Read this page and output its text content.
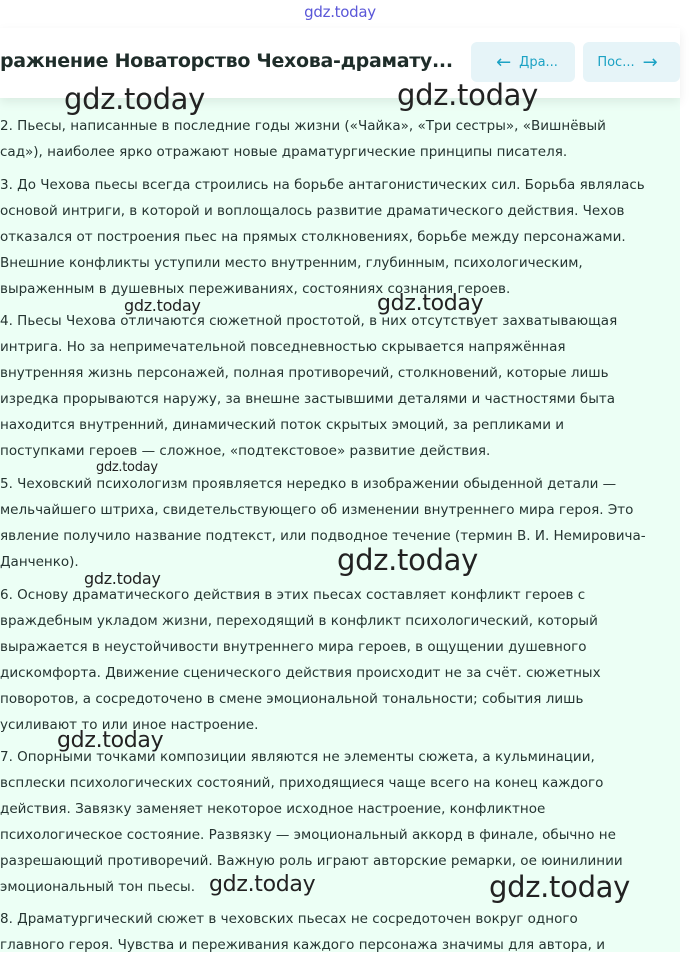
gdz.today
ражнение Новаторство Чехова-драмату... ← Дра...	Пос... →
2. Пьесы, написанные в последние годы жизни («Чайка», «Три сестры», «Вишнёвый
сад»), наиболее ярко отражают новые драматургические принципы писателя.
3. До Чехова пьесы всегда строились на борьбе антагонистических сил. Борьба являлась
основой интриги, в которой и воплощалось развитие драматического действия. Чехов
отказался от построения пьес на прямых столкновениях, борьбе между персонажами.
Внешние конфликты уступили место внутренним, глубинным, психологическим,
выраженным в душевных переживаниях, состояниях сознания героев.
4. Пьесы Чехова отличаются сюжетной простотой, в них отсутствует захватывающая
интрига. Но за непримечательной повседневностью скрывается напряжённая
внутренняя жизнь персонажей, полная противоречий, столкновений, которые лишь
изредка прорываются наружу, за внешне застывшими деталями и частностями быта
находится внутренний, динамический поток скрытых эмоций, за репликами и
поступками героев — сложное, «подтекстовое» развитие действия.
5. Чеховский психологизм проявляется нередко в изображении обыденной детали —
мельчайшего штриха, свидетельствующего об изменении внутреннего мира героя. Это
явление получило название подтекст, или подводное течение (термин В. И. Немировича-
Данченко).
6. Основу драматического действия в этих пьесах составляет конфликт героев с
враждебным укладом жизни, переходящий в конфликт психологический, который
выражается в неустойчивости внутреннего мира героев, в ощущении душевного
дискомфорта. Движение сценического действия происходит не за счёт. сюжетных
поворотов, а сосредоточено в смене эмоциональной тональности; события лишь
усиливают то или иное настроение.
7. Опорными точками композиции являются не элементы сюжета, а кульминации,
всплески психологических состояний, приходящиеся чаще всего на конец каждого
действия. Завязку заменяет некоторое исходное настроение, конфликтное
психологическое состояние. Развязку — эмоциональный аккорд в финале, обычно не
разрешающий противоречий. Важную роль играют авторские ремарки, ое юинилинии
эмоциональный тон пьесы.
8. Драматургический сюжет в чеховских пьесах не сосредоточен вокруг одного
главного героя. Чувства и переживания каждого персонажа значимы для автора, и
gdz.today	gdz.today
gdz.today	gdz.today
gdz.today
gdz.today
gdz.today
gdz.today
gdz.today	gdz.today
